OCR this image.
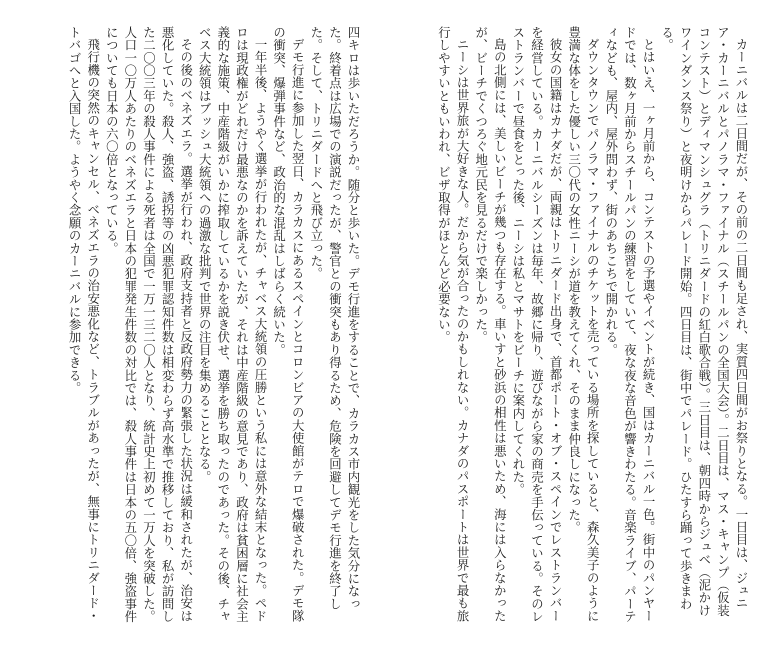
四キロは歩いただろうか。随分と歩いた。デモ行進をすることで、カラカス市内観光をした気分になった。終着点は広場での演説だったが、警官との衝突もあり得るため、危険を回避してデモ行進を終了した。そして、トリニダードへと飛び立った。

デモ行進に参加した翌日、カラカスにあるスペインとコロンビアの大使館がテロで爆破された。デモ隊の衝突、爆弾事件など、政治的な混乱はしばらく続いた。

一年半後、ようやく選挙が行われたが、チャベス大統領の圧勝という私には意外な結末となった。ペドロは現政権がどれだけ最悪なのかを訴えていたが、それは中産階級の意見であり、政府は貧困層に社会主義的な施策、中産階級がいかに搾取しているかを説き伏せ、選挙を勝ち取ったのであった。その後、チャベス大統領はブッシュ大統領への過激な批判で世界の注目を集めることとなる。

その後のベネズエラ。選挙が行われ、政府支持者と反政府勢力の緊張した状況は緩和されたが、治安は悪化していた。殺人、強盗、誘拐等の凶悪犯罪認知件数は相変わらず高水準で推移しており、私が訪問した二〇〇三年の殺人事件による死者は全国で一万一三二〇人となり、統計史上初めて一万人を突破した。人口一〇万人あたりのベネズエラと日本の犯罪発生件数の対比では、殺人事件は日本の五〇倍、強盗事件についても日本の六〇倍となっている。

飛行機の突然のキャンセル、ベネズエラの治安悪化など、トラブルがあったが、無事にトリニダード・トバゴへと入国した。ようやく念願のカーニバルに参加できる。	カーニバルは二日間だが、その前の二日間も足され、実質四日間がお祭りとなる。一日目は、ジュニア・カーニバルとパノラマ・ファイナル（スチールパンの全国大会）。二日目は、マス・キャンプ（仮装コンテスト）とディマンシュグラ（トリニダードの紅白歌合戦）。三日目は、朝四時からジュベ（泥かけワインダンス祭り）と夜明けからパレード開始。四日目は、街中でパレード。ひたすら踊って歩きまわる。

とはいえ、一ヶ月前から、コンテストの予選やイベントが続き、国はカーニバル一色。街中のパンヤードでは、数ヶ月前からスチールパンの練習をしていて、夜な夜な音色が響きわたる。音楽ライブ、パーティなども、屋内、屋外問わず、街のあちこちで開かれる。

ダウンタウンでパノラマ・ファイナルのチケットを売っている場所を探していると、森久美子のように豊満な体をした優しい三〇代の女性ニーシが道を教えてくれ、そのまま仲良しになった。

彼女の国籍はカナダだが、両親はトリニダード出身で、首都ポート・オブ・スペインでレストランバーを経営している。カーニバルシーズンは毎年、故郷に帰り、遊びながら家の商売を手伝っている。そのレストランバーで昼食をとった後、ニーシは私とマサトをビーチに案内してくれた。

島の北側には、美しいビーチが幾つも存在する。車いすと砂浜の相性は悪いため、海には入らなかったが、ビーチでくつろぐ地元民を見るだけで楽しかった。

ニーシは世界旅が大好きな人。だから気が合ったのかもしれない。カナダのパスポートは世界で最も旅行しやすいともいわれ、ビザ取得がほとんど必要ない。
